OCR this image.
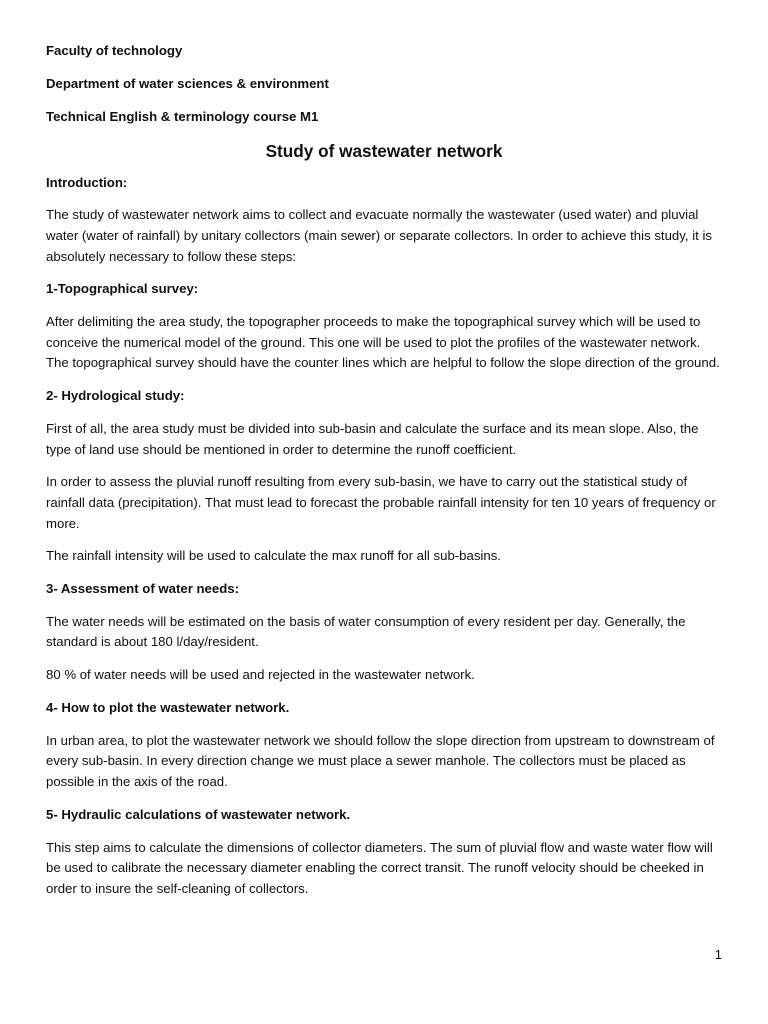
Faculty of technology
Department of water sciences & environment
Technical English & terminology course M1
Study of wastewater network
Introduction:

The study of wastewater network aims to collect and evacuate normally the wastewater (used water) and pluvial water (water of rainfall) by unitary collectors (main sewer) or separate collectors. In order to achieve this study, it is absolutely necessary to follow these steps:

1-Topographical survey:

After delimiting the area study, the topographer proceeds to make the topographical survey which will be used to conceive the numerical model of the ground. This one will be used to plot the profiles of the wastewater network. The topographical survey should have the counter lines which are helpful to follow the slope direction of the ground.

2- Hydrological study:

First of all, the area study must be divided into sub-basin and calculate the surface and its mean slope. Also, the type of land use should be mentioned in order to determine the runoff coefficient.

In order to assess the pluvial runoff resulting from every sub-basin, we have to carry out the statistical study of rainfall data (precipitation). That must lead to forecast the probable rainfall intensity for ten 10 years of frequency or more.

The rainfall intensity will be used to calculate the max runoff for all sub-basins.

3- Assessment of water needs:

The water needs will be estimated on the basis of water consumption of every resident per day. Generally, the standard is about 180 l/day/resident.

80 % of water needs will be used and rejected in the wastewater network.

4- How to plot the wastewater network.

In urban area, to plot the wastewater network we should follow the slope direction from upstream to downstream of every sub-basin. In every direction change we must place a sewer manhole. The collectors must be placed as possible in the axis of the road.

5- Hydraulic calculations of wastewater network.

This step aims to calculate the dimensions of collector diameters. The sum of pluvial flow and waste water flow will be used to calibrate the necessary diameter enabling the correct transit. The runoff velocity should be cheeked in order to insure the self-cleaning of collectors.

1
